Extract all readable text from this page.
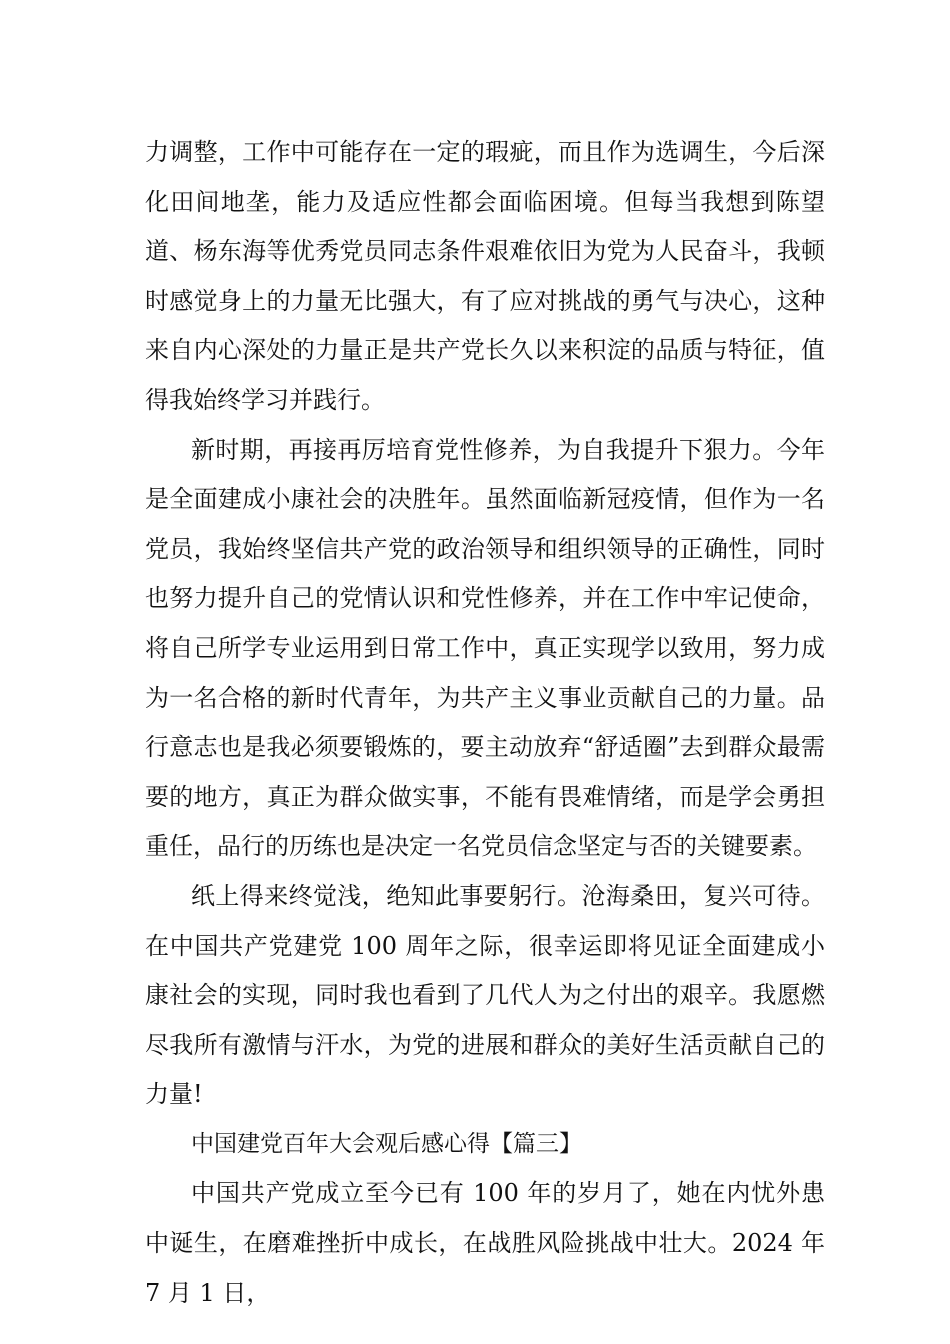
力调整，工作中可能存在一定的瑕疵，而且作为选调生，今后深化田间地垄，能力及适应性都会面临困境。但每当我想到陈望道、杨东海等优秀党员同志条件艰难依旧为党为人民奋斗，我顿时感觉身上的力量无比强大，有了应对挑战的勇气与决心，这种来自内心深处的力量正是共产党长久以来积淀的品质与特征，值得我始终学习并践行。

新时期，再接再厉培育党性修养，为自我提升下狠力。今年是全面建成小康社会的决胜年。虽然面临新冠疫情，但作为一名党员，我始终坚信共产党的政治领导和组织领导的正确性，同时也努力提升自己的党情认识和党性修养，并在工作中牢记使命，将自己所学专业运用到日常工作中，真正实现学以致用，努力成为一名合格的新时代青年，为共产主义事业贡献自己的力量。品行意志也是我必须要锻炼的，要主动放弃“舒适圈”去到群众最需要的地方，真正为群众做实事，不能有畏难情绪，而是学会勇担重任，品行的历练也是决定一名党员信念坚定与否的关键要素。

纸上得来终觉浅，绝知此事要躬行。沧海桑田，复兴可待。在中国共产党建党 100 周年之际，很幸运即将见证全面建成小康社会的实现，同时我也看到了几代人为之付出的艰辛。我愿燃尽我所有激情与汗水，为党的进展和群众的美好生活贡献自己的力量!

中国建党百年大会观后感心得【篇三】

中国共产党成立至今已有 100 年的岁月了，她在内忧外患中诞生，在磨难挫折中成长，在战胜风险挑战中壮大。2024 年 7 月 1 日，
